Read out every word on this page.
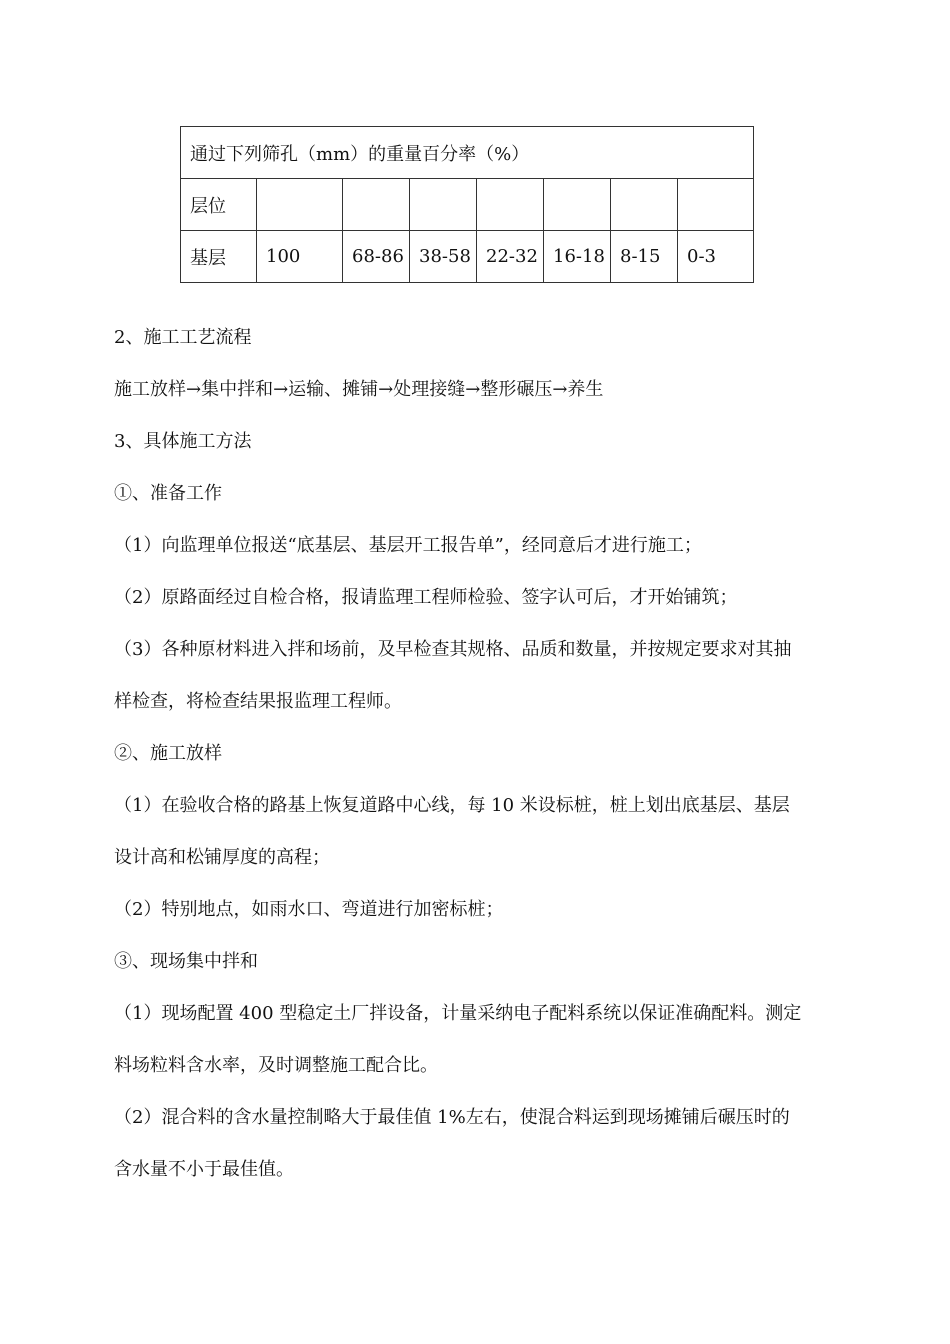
通过下列筛孔（mm）的重量百分率（%）							
层位							
基层	100	68-86	38-58	22-32	16-18	8-15	0-3
2、施工工艺流程
施工放样→集中拌和→运输、摊铺→处理接缝→整形碾压→养生
3、具体施工方法
①、准备工作
（1）向监理单位报送“底基层、基层开工报告单”，经同意后才进行施工；
（2）原路面经过自检合格，报请监理工程师检验、签字认可后，才开始铺筑；
（3）各种原材料进入拌和场前，及早检查其规格、品质和数量，并按规定要求对其抽
样检查，将检查结果报监理工程师。
②、施工放样
（1）在验收合格的路基上恢复道路中心线，每 10 米设标桩，桩上划出底基层、基层
设计高和松铺厚度的高程；
（2）特别地点，如雨水口、弯道进行加密标桩；
③、现场集中拌和
（1）现场配置 400 型稳定土厂拌设备，计量采纳电子配料系统以保证准确配料。测定
料场粒料含水率，及时调整施工配合比。
（2）混合料的含水量控制略大于最佳值 1%左右，使混合料运到现场摊铺后碾压时的
含水量不小于最佳值。
